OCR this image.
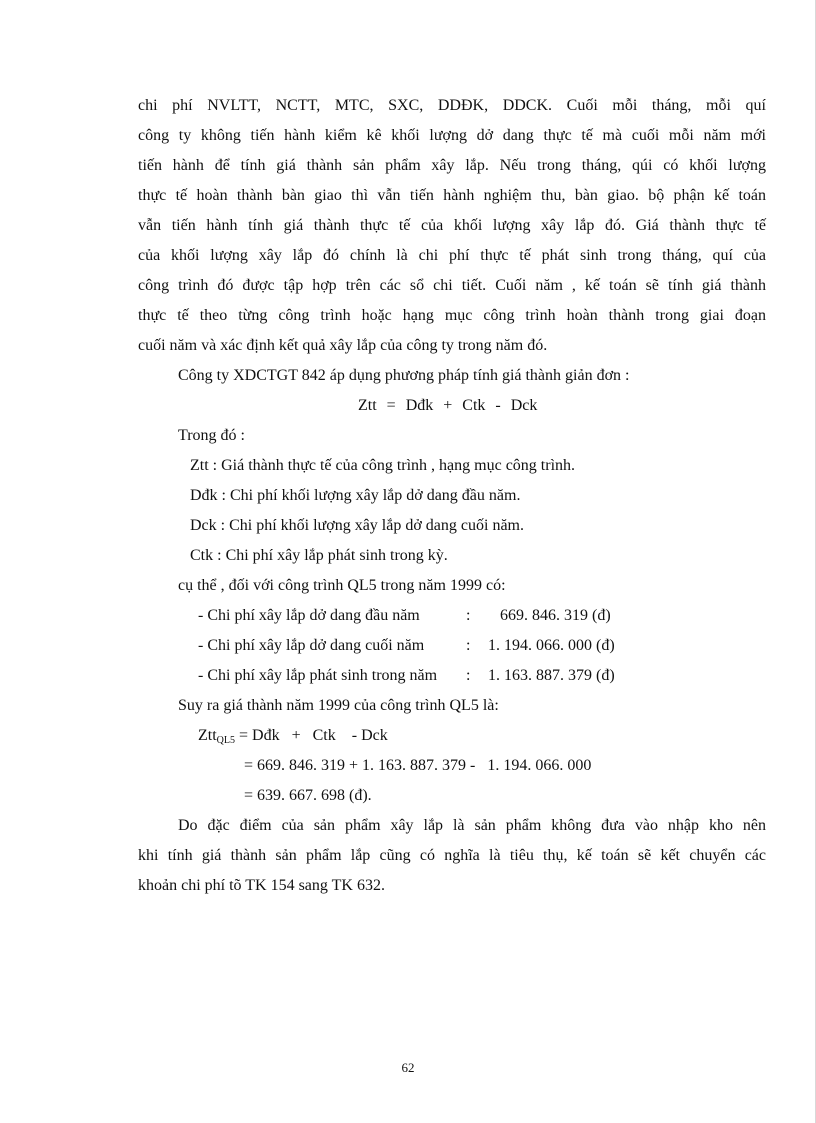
chi phí NVLTT, NCTT, MTC, SXC, DDĐK, DDCK. Cuối mỗi tháng, mỗi quí
công ty không tiến hành kiểm kê khối lượng dở dang thực tế mà cuối mỗi năm mới
tiến hành để tính giá thành sản phẩm xây lắp. Nếu trong tháng, qúi có khối lượng
thực tế hoàn thành bàn giao thì vẫn tiến hành nghiệm thu, bàn giao. bộ phận kế toán
vẫn tiến hành tính giá thành thực tế của khối lượng xây lắp đó. Giá thành thực tế
của khối lượng xây lắp đó chính là chi phí thực tế phát sinh trong tháng, quí của
công trình đó được tập hợp trên các sổ chi tiết. Cuối năm , kế toán sẽ tính giá thành
thực tế theo từng công trình hoặc hạng mục công trình hoàn thành trong giai đoạn
cuối năm và xác định kết quả xây lắp của công ty trong năm đó.
Công ty XDCTGT 842 áp dụng phương pháp tính giá thành giản đơn :
Ztt = Dđk + Ctk - Dck
Trong đó :
Ztt : Giá thành thực tế của công trình , hạng mục công trình.
Dđk : Chi phí khối lượng xây lắp dở dang đầu năm.
Dck : Chi phí khối lượng xây lắp dở dang cuối năm.
Ctk : Chi phí xây lắp phát sinh trong kỳ.
cụ thể , đối với công trình QL5 trong năm 1999 có:
- Chi phí xây lắp dở dang đầu năm	:   669. 846. 319 (đ)
- Chi phí xây lắp dở dang cuối năm	: 1. 194. 066. 000 (đ)
- Chi phí xây lắp phát sinh trong năm : 1. 163. 887. 379 (đ)
Suy ra giá thành năm 1999 của công trình QL5 là:
Ztt$_{QL5}$ = Dđk   +   Ctk    - Dck
= 669. 846. 319 + 1. 163. 887. 379 -   1. 194. 066. 000
= 639. 667. 698 (đ).
Do đặc điểm của sản phẩm xây lắp là sản phẩm không đưa vào nhập kho nên
khi tính giá thành sản phẩm lắp cũng có nghĩa là tiêu thụ, kế toán sẽ kết chuyển các
khoản chi phí tõ TK 154 sang TK 632.
62
